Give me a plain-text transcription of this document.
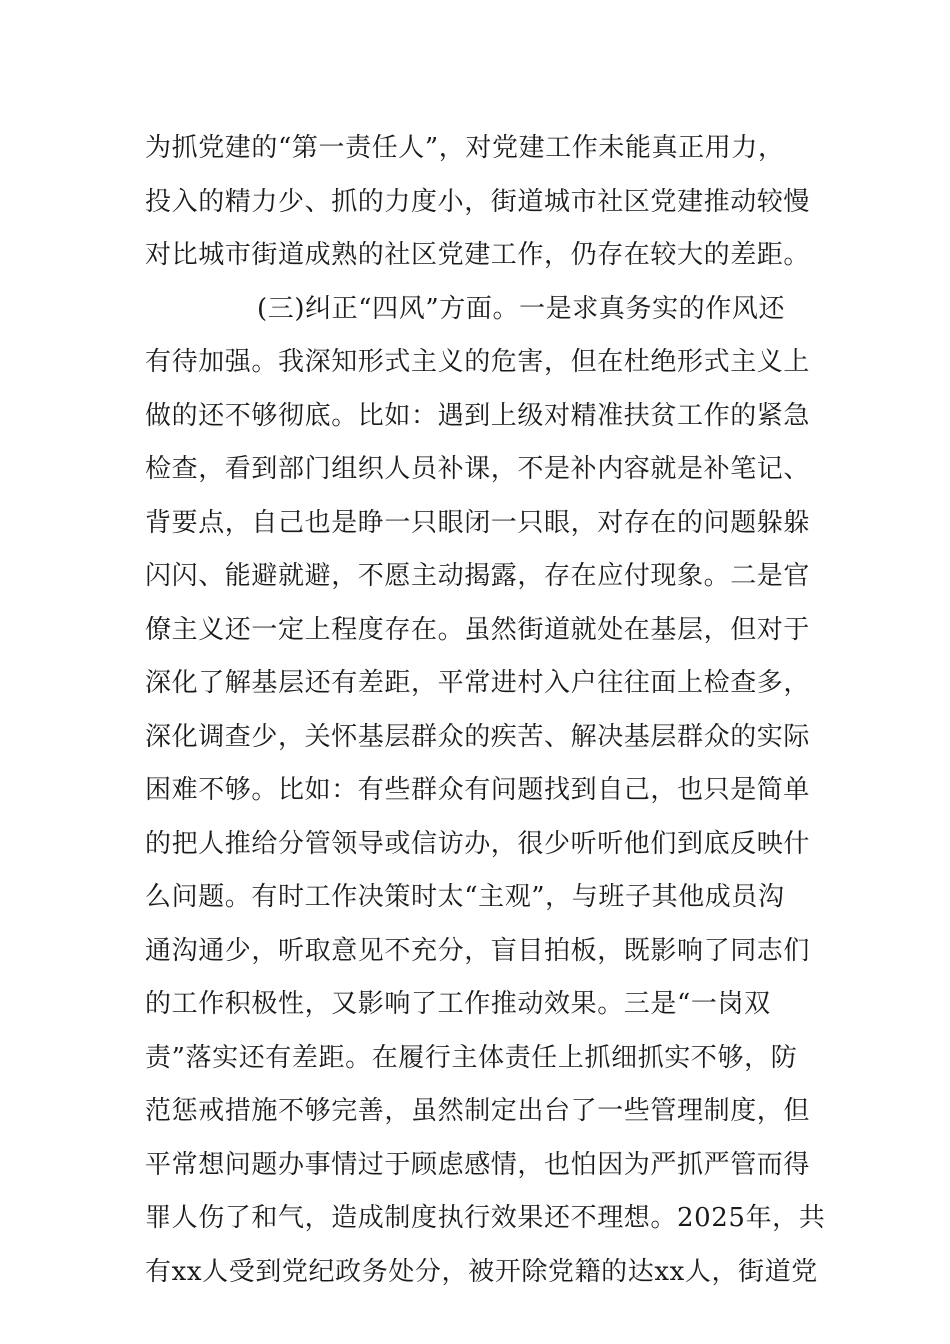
为抓党建的“第一责任人”，对党建工作未能真正用力，
投入的精力少、抓的力度小，街道城市社区党建推动较慢
对比城市街道成熟的社区党建工作，仍存在较大的差距。
(三)纠正“四风”方面。一是求真务实的作风还
有待加强。我深知形式主义的危害，但在杜绝形式主义上
做的还不够彻底。比如：遇到上级对精准扶贫工作的紧急
检查，看到部门组织人员补课，不是补内容就是补笔记、
背要点，自己也是睁一只眼闭一只眼，对存在的问题躲躲
闪闪、能避就避，不愿主动揭露，存在应付现象。二是官
僚主义还一定上程度存在。虽然街道就处在基层，但对于
深化了解基层还有差距，平常进村入户往往面上检查多，
深化调查少，关怀基层群众的疾苦、解决基层群众的实际
困难不够。比如：有些群众有问题找到自己，也只是简单
的把人推给分管领导或信访办，很少听听他们到底反映什
么问题。有时工作决策时太“主观”，与班子其他成员沟
通沟通少，听取意见不充分，盲目拍板，既影响了同志们
的工作积极性，又影响了工作推动效果。三是“一岗双
责”落实还有差距。在履行主体责任上抓细抓实不够，防
范惩戒措施不够完善，虽然制定出台了一些管理制度，但
平常想问题办事情过于顾虑感情，也怕因为严抓严管而得
罪人伤了和气，造成制度执行效果还不理想。2025年，共
有xx人受到党纪政务处分，被开除党籍的达xx人，街道党
